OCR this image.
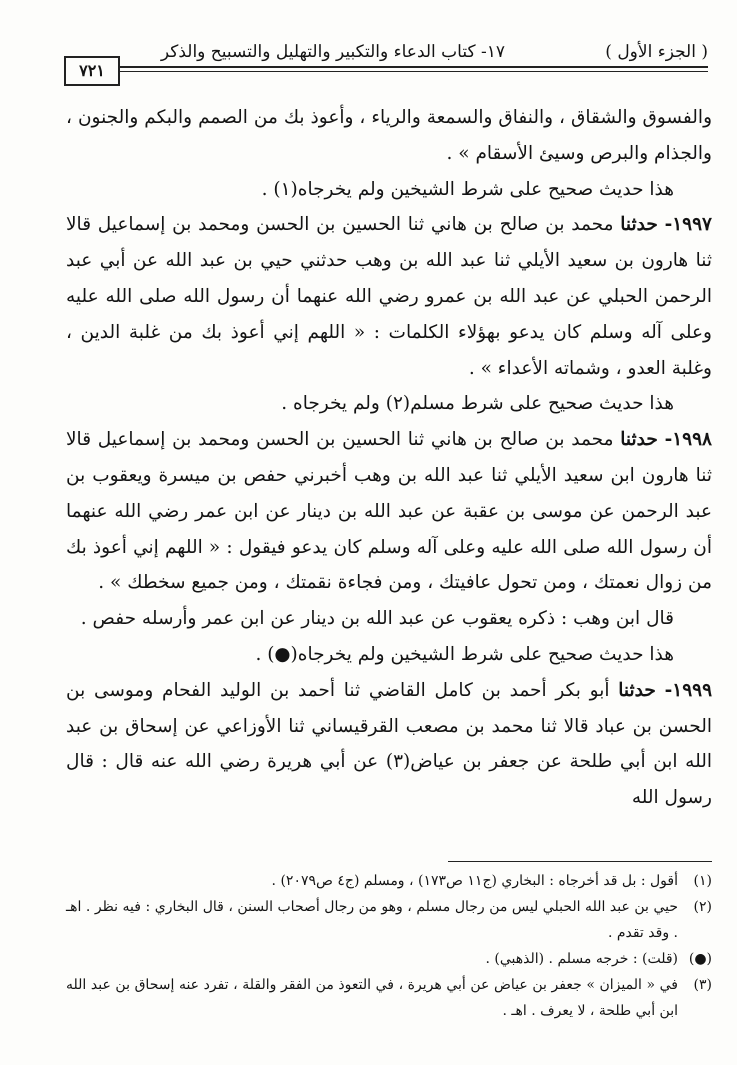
( الجزء الأول )
١٧- كتاب الدعاء والتكبير والتهليل والتسبيح والذكر
٧٢١

والفسوق والشقاق ، والنفاق والسمعة والرياء ، وأعوذ بك من الصمم والبكم والجنون ، والجذام والبرص وسيئ الأسقام » .

هذا حديث صحيح على شرط الشيخين ولم يخرجاه(١) .

١٩٩٧- حدثنا محمد بن صالح بن هاني ثنا الحسين بن الحسن ومحمد بن إسماعيل قالا ثنا هارون بن سعيد الأيلي ثنا عبد الله بن وهب حدثني حيي بن عبد الله عن أبي عبد الرحمن الحبلي عن عبد الله بن عمرو رضي الله عنهما أن رسول الله صلى الله عليه وعلى آله وسلم كان يدعو بهؤلاء الكلمات : « اللهم إني أعوذ بك من غلبة الدين ، وغلبة العدو ، وشماته الأعداء » .

هذا حديث صحيح على شرط مسلم(٢) ولم يخرجاه .

١٩٩٨- حدثنا محمد بن صالح بن هاني ثنا الحسين بن الحسن ومحمد بن إسماعيل قالا ثنا هارون ابن سعيد الأيلي ثنا عبد الله بن وهب أخبرني حفص بن ميسرة ويعقوب بن عبد الرحمن عن موسى بن عقبة عن عبد الله بن دينار عن ابن عمر رضي الله عنهما أن رسول الله صلى الله عليه وعلى آله وسلم كان يدعو فيقول : « اللهم إني أعوذ بك من زوال نعمتك ، ومن تحول عافيتك ، ومن فجاءة نقمتك ، ومن جميع سخطك » .

قال ابن وهب : ذكره يعقوب عن عبد الله بن دينار عن ابن عمر وأرسله حفص .

هذا حديث صحيح على شرط الشيخين ولم يخرجاه(●) .

١٩٩٩- حدثنا أبو بكر أحمد بن كامل القاضي ثنا أحمد بن الوليد الفحام وموسى بن الحسن بن عباد قالا ثنا محمد بن مصعب القرقيساني ثنا الأوزاعي عن إسحاق بن عبد الله ابن أبي طلحة عن جعفر بن عياض(٣) عن أبي هريرة رضي الله عنه قال : قال رسول الله

(١)
أقول : بل قد أخرجاه : البخاري (ج١١ ص١٧٣) ، ومسلم (ج٤ ص٢٠٧٩) .

(٢)
حيي بن عبد الله الحبلي ليس من رجال مسلم ، وهو من رجال أصحاب السنن ، قال البخاري : فيه نظر . اهـ . وقد تقدم .

(●)
(قلت) : خرجه مسلم . (الذهبي) .

(٣)
في « الميزان » جعفر بن عياض عن أبي هريرة ، في التعوذ من الفقر والقلة ، تفرد عنه إسحاق بن عبد الله ابن أبي طلحة ، لا يعرف . اهـ .
